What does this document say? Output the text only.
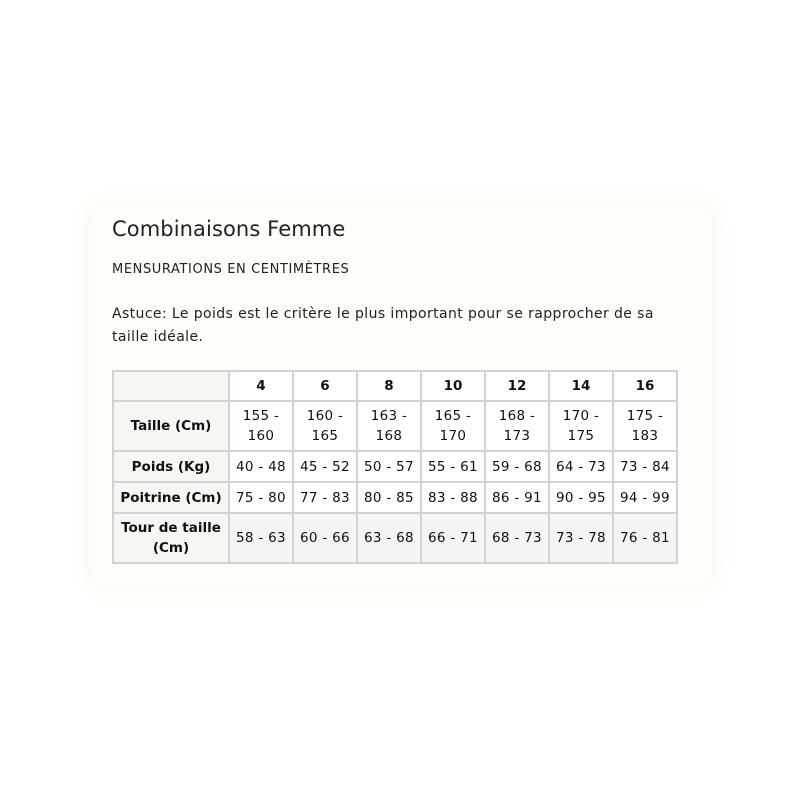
Combinaisons Femme

MENSURATIONS EN CENTIMÈTRES

Astuce: Le poids est le critère le plus important pour se rapprocher de sa taille idéale.

	4	6	8	10	12	14	16
Taille (Cm)	155 - 160	160 - 165	163 - 168	165 - 170	168 - 173	170 - 175	175 - 183
Poids (Kg)	40 - 48	45 - 52	50 - 57	55 - 61	59 - 68	64 - 73	73 - 84
Poitrine (Cm)	75 - 80	77 - 83	80 - 85	83 - 88	86 - 91	90 - 95	94 - 99
Tour de taille (Cm)	58 - 63	60 - 66	63 - 68	66 - 71	68 - 73	73 - 78	76 - 81
